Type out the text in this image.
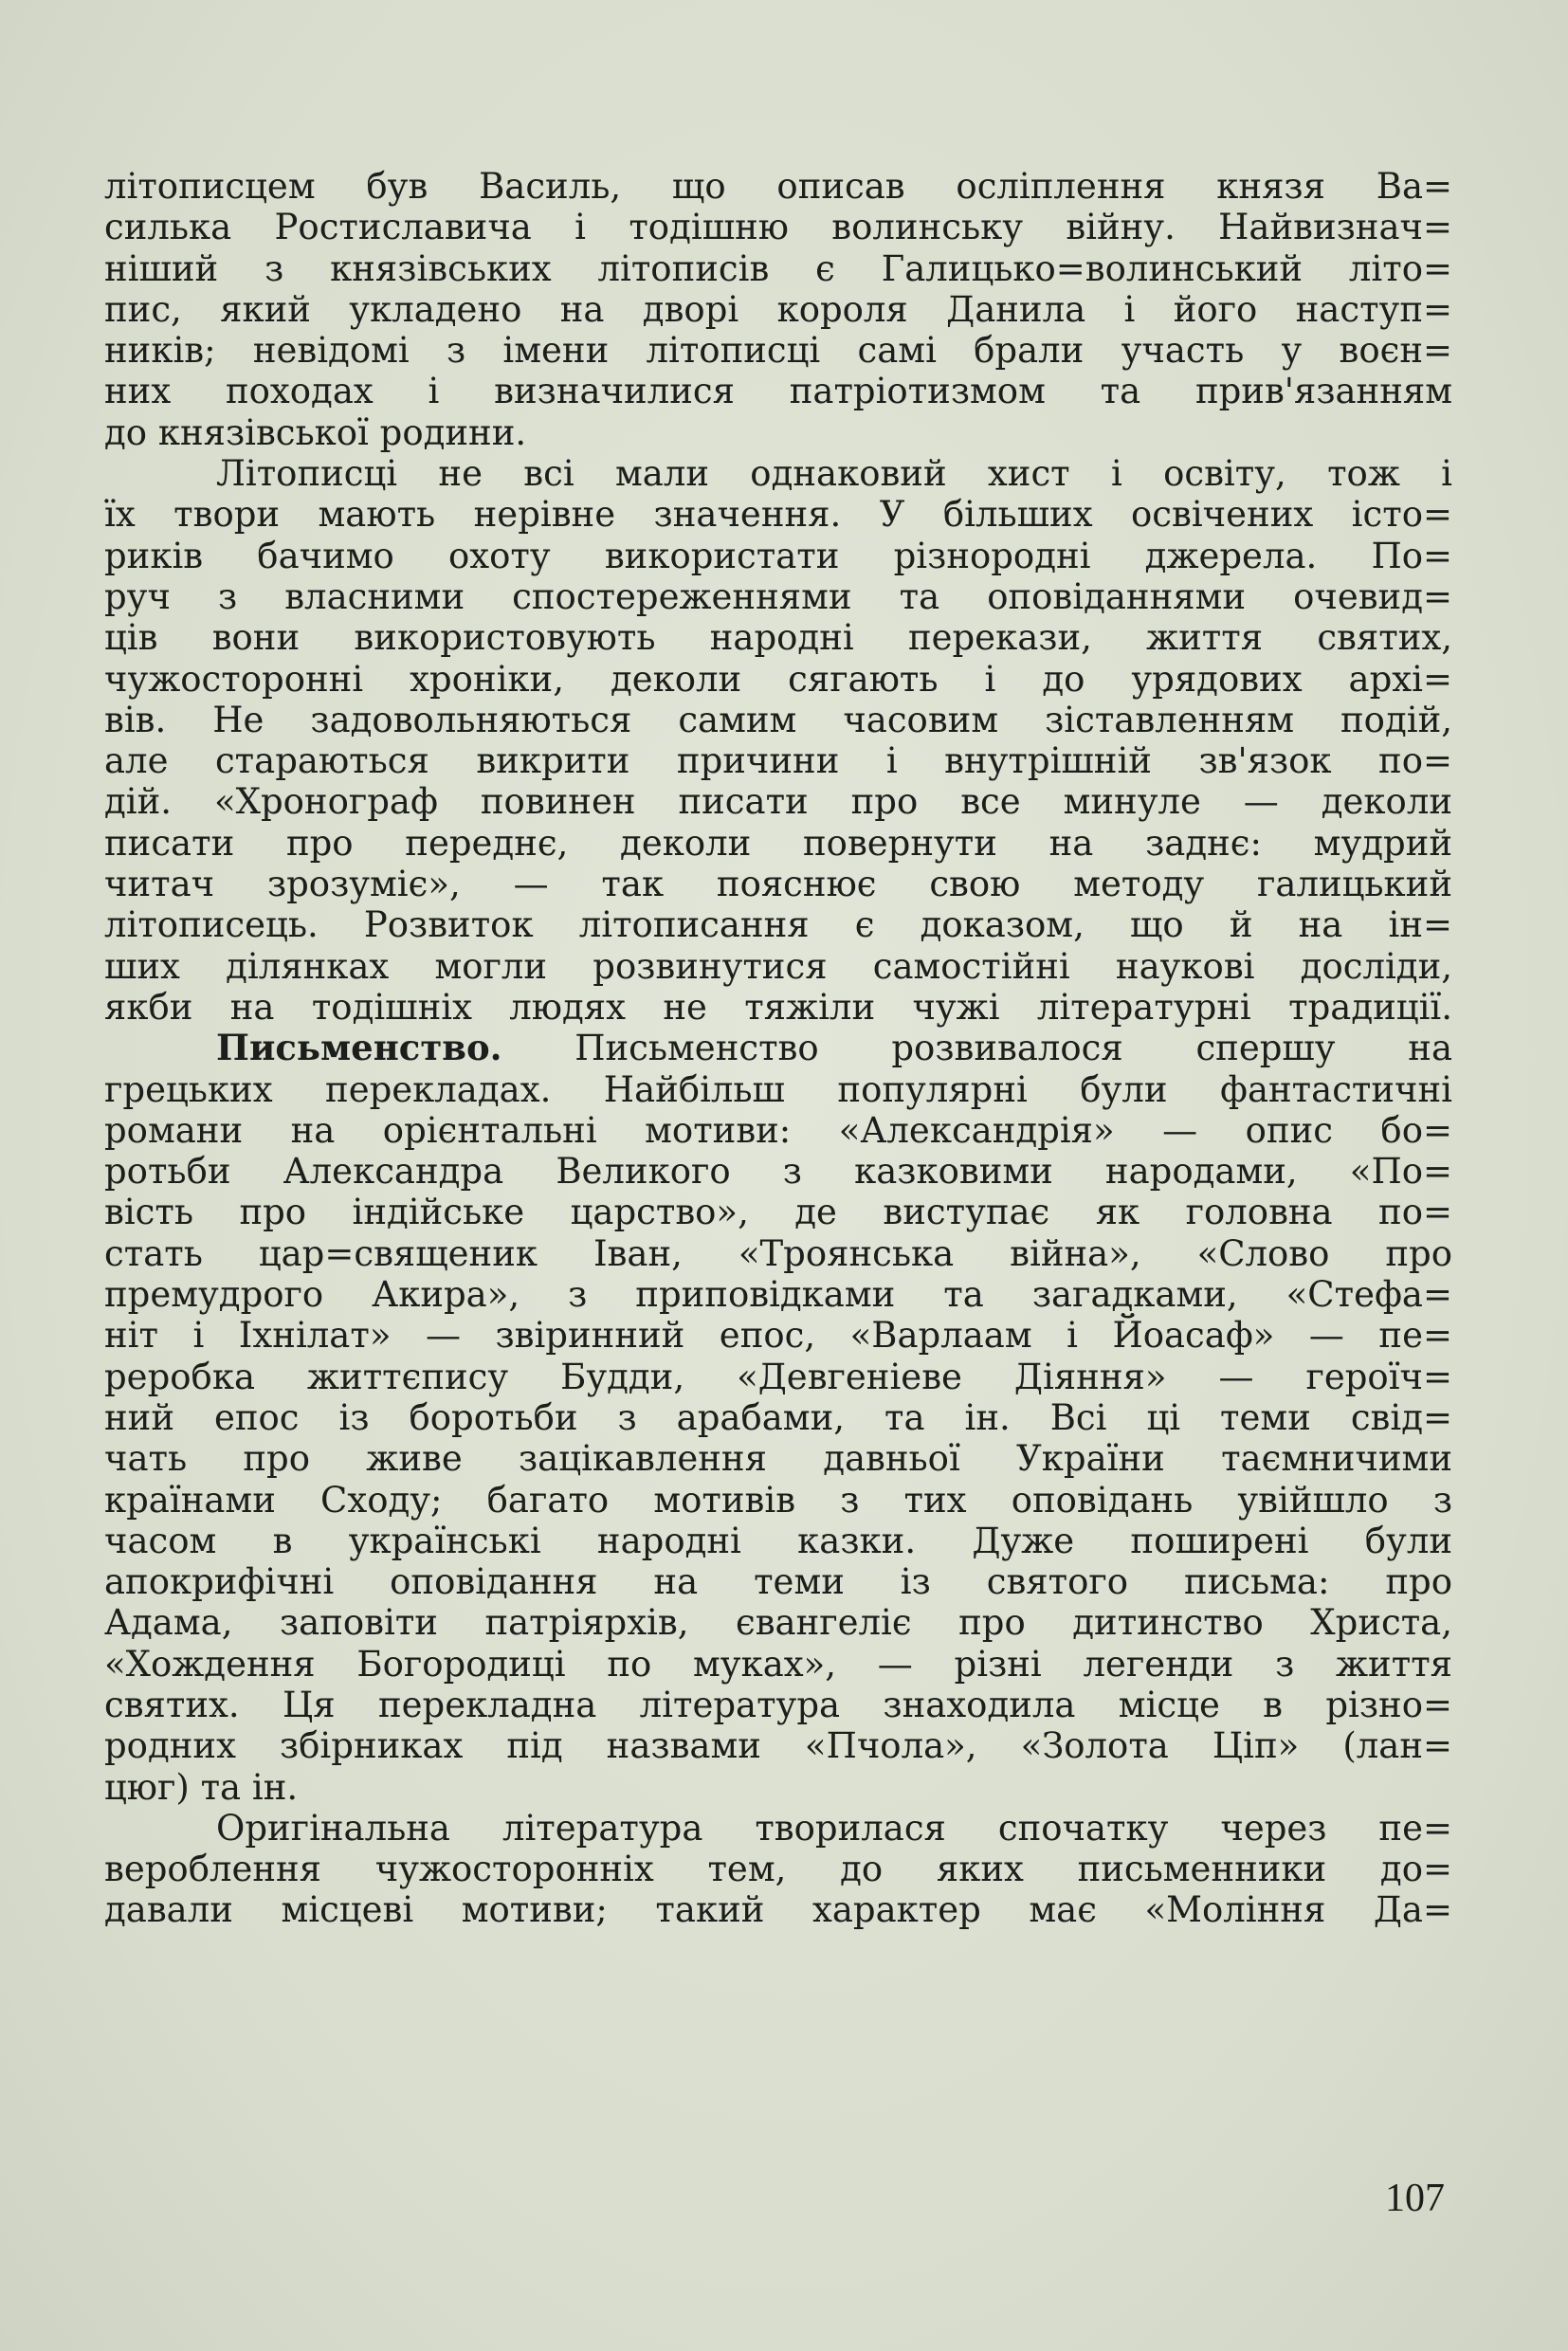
літописцем був Василь, що описав осліплення князя Ва=
силька Ростиславича і тодішню волинську війну. Найвизнач=
ніший з князівських літописів є Галицько=волинський літо=
пис, який укладено на дворі короля Данила і його наступ=
ників; невідомі з імени літописці самі брали участь у воєн=
них походах і визначилися патріотизмом та прив'язанням
до князівської родини.
Літописці не всі мали однаковий хист і освіту, тож і
їх твори мають нерівне значення. У більших освічених істо=
риків бачимо охоту використати різнородні джерела. По=
руч з власними спостереженнями та оповіданнями очевид=
ців вони використовують народні перекази, життя святих,
чужосторонні хроніки, деколи сягають і до урядових архі=
вів. Не задовольняються самим часовим зіставленням подій,
але стараються викрити причини і внутрішній зв'язок по=
дій. «Хронограф повинен писати про все минуле — деколи
писати про переднє, деколи повернути на заднє: мудрий
читач зрозуміє», — так пояснює свою методу галицький
літописець. Розвиток літописання є доказом, що й на ін=
ших ділянках могли розвинутися самостійні наукові досліди,
якби на тодішніх людях не тяжіли чужі літературні традиції.
Письменство. Письменство розвивалося спершу на
грецьких перекладах. Найбільш популярні були фантастичні
романи на орієнтальні мотиви: «Александрія» — опис бо=
ротьби Александра Великого з казковими народами, «По=
вість про індійське царство», де виступає як головна по=
стать цар=священик Іван, «Троянська війна», «Слово про
премудрого Акира», з приповідками та загадками, «Стефа=
ніт і Іхнілат» — звіринний епос, «Варлаам і Йоасаф» — пе=
реробка життєпису Будди, «Девгеніеве Діяння» — героїч=
ний епос із боротьби з арабами, та ін. Всі ці теми свід=
чать про живе зацікавлення давньої України таємничими
країнами Сходу; багато мотивів з тих оповідань увійшло з
часом в українські народні казки. Дуже поширені були
апокрифічні оповідання на теми із святого письма: про
Адама, заповіти патріярхів, євангеліє про дитинство Христа,
«Хождення Богородиці по муках», — різні легенди з життя
святих. Ця перекладна література знаходила місце в різно=
родних збірниках під назвами «Пчола», «Золота Ціп» (лан=
цюг) та ін.
Оригінальна література творилася спочатку через пе=
вероблення чужосторонніх тем, до яких письменники до=
давали місцеві мотиви; такий характер має «Моління Да=
107
